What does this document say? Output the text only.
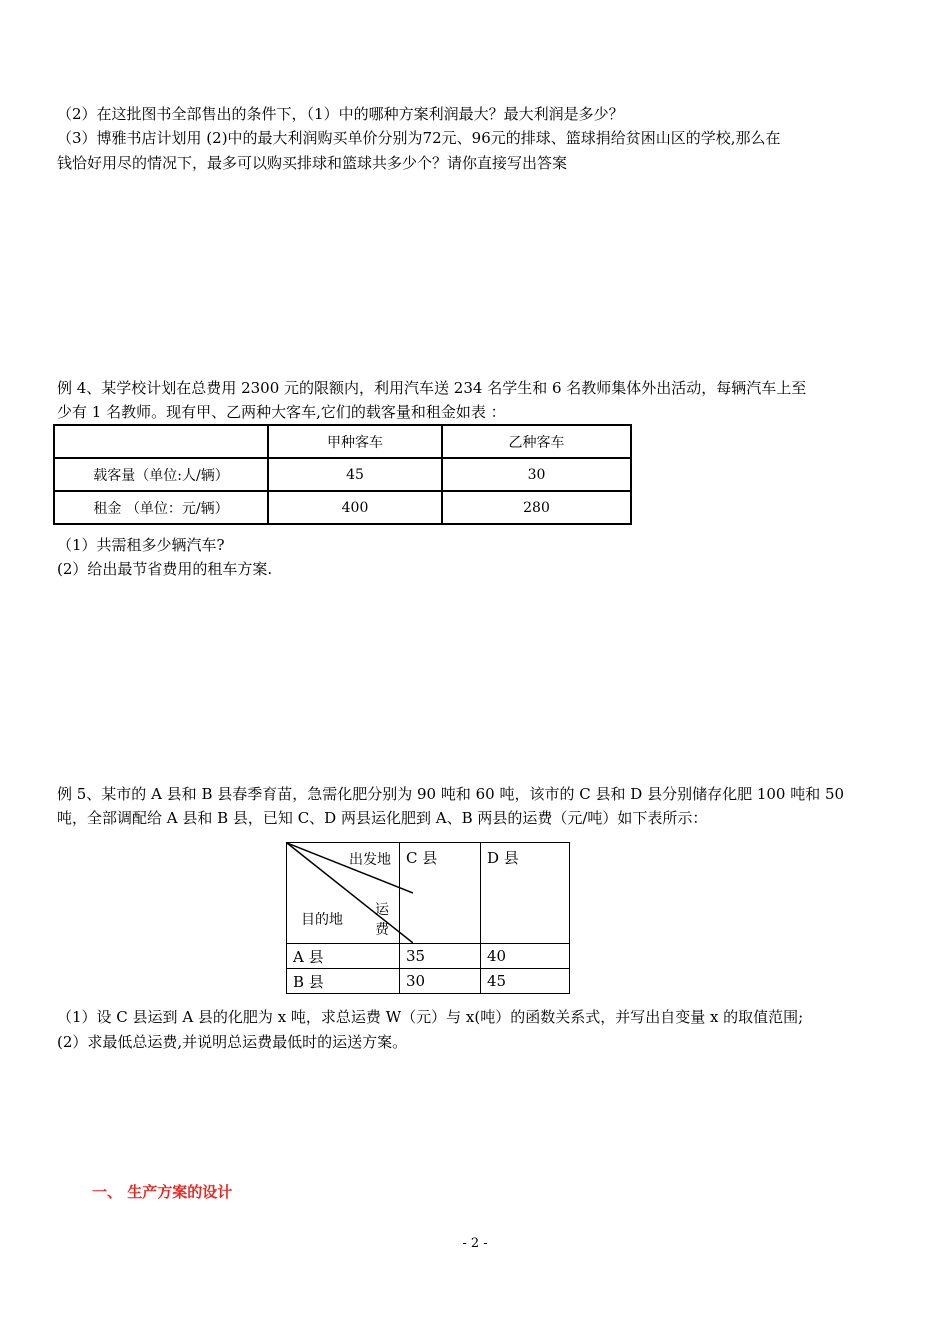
（2）在这批图书全部售出的条件下，（1）中的哪种方案利润最大？最大利润是多少？
（3）博雅书店计划用 (2)中的最大利润购买单价分别为72元、96元的排球、篮球捐给贫困山区的学校,那么在
钱恰好用尽的情况下，最多可以购买排球和篮球共多少个？请你直接写出答案
例 4、某学校计划在总费用 2300 元的限额内，利用汽车送 234 名学生和 6 名教师集体外出活动，每辆汽车上至
少有 1 名教师。现有甲、乙两种大客车,它们的载客量和租金如表 ：
	甲种客车	乙种客车
载客量（单位:人/辆）	45	30
租金 （单位：元/辆）	400	280
（1）共需租多少辆汽车?
(2）给出最节省费用的租车方案.
例 5、某市的 A 县和 B 县春季育苗，急需化肥分别为 90 吨和 60 吨，该市的 C 县和 D 县分别储存化肥 100 吨和 50
吨，全部调配给 A 县和 B 县，已知 C、D 两县运化肥到 A、B 两县的运费（元/吨）如下表所示：
出发地
运费
目的地	C 县	D 县
A 县	35	40
B 县	30	45
（1）设 C 县运到 A 县的化肥为 x 吨，求总运费 W（元）与 x(吨）的函数关系式，并写出自变量 x 的取值范围;
(2）求最低总运费,并说明总运费最低时的运送方案。
一、 生产方案的设计
- 2 -
